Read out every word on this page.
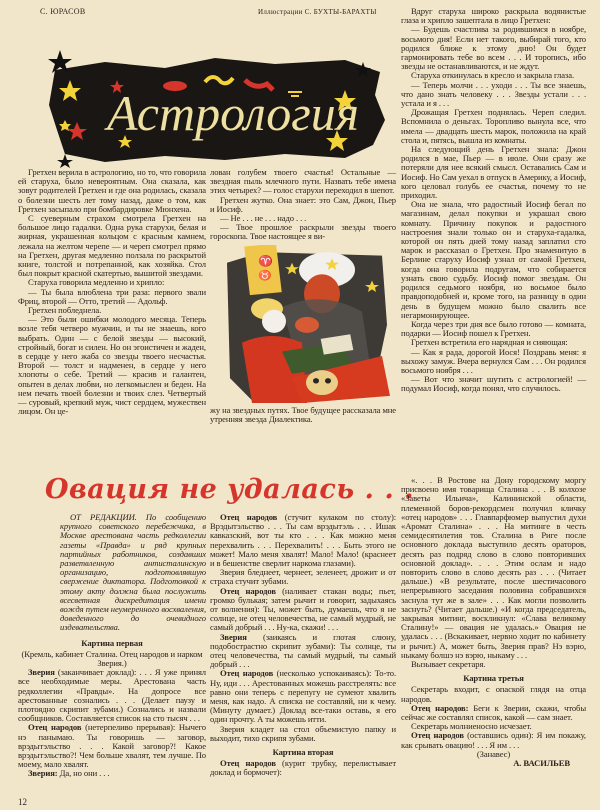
С. ЮРАСОВ	Иллюстрации С. БУХТЫ-БАРАХТЫ
Астрология

Гретхен верила в астрологию, но то, что говорила ей старуха, было невероятным. Она сказала, как зовут родителей Гретхен и где она родилась, сказала о болезни шесть лет тому назад, даже о том, как Гретхен засыпало при бомбардировке Мюнхена.

С суеверным страхом смотрела Гретхен на большое лицо гадалки. Одна рука старухи, белая и жирная, украшенная кольцом с красным камнем, лежала на желтом черепе — и череп смотрел прямо на Гретхен, другая медленно ползала по раскрытой книге, толстой и потрепанной, как хозяйка. Стол был покрыт красной скатертью, вышитой звездами.

Старуха говорила медленно и хрипло:

— Ты была влюблена три раза: первого звали Фриц, второй — Отто, третий — Адольф.

Гретхен побледнела.

— Это были ошибки молодого месяца. Теперь возле тебя четверо мужчин, и ты не знаешь, кого выбрать. Один — с белой звезды — высокий, стройный, богат и силен. Но он эгоистичен и жаден, в сердце у него жаба со звезды твоего несчастья. Второй — толст и надменен, в сердце у него хлопоты о себе. Третий — красив и галантен, опытен в делах любви, но легкомыслен и беден. На нем печать твоей болезни и твоих слез. Четвертый — суровый, крепкий муж, чист сердцем, мужествен лицом. Он це-

лован голубем твоего счастья! Остальные — звездная пыль млечного пути. Назвать тебе имена этих четырех? — голос старухи переходил в шепот.

Гретхен жутко. Она знает: это Сам, Джон, Пьер и Иосиф.

— Не . . . не . . . надо . . .

— Твое прошлое раскрыли звезды твоего гороскопа. Твое настоящее я ви-

♈
♉

жу на звездных путях. Твое будущее рассказала мне утренняя звезда Диалектика.

Вдруг старуха широко раскрыла водянистые глаза и хрипло зашептала в лицо Гретхен:

— Будешь счастлива за родившимся в ноябре, восьмого дня! Если нет такого, выбирай того, кто родился ближе к этому дню! Он будет гармонировать тебе во всем . . . И торопись, ибо звезды не останавливаются, и не ждут.

Старуха откинулась в кресло и закрыла глаза.

— Теперь молчи . . . уходи . . . Ты все знаешь, что дано знать человеку . . . Звезды устали . . . устала и я . . .

Дрожащая Гретхен поднялась. Череп следил. Вспомнила о деньгах. Торопливо вынула все, что имела — двадцать шесть марок, положила на край стола и, пятясь, вышла из комнаты.

На следующий день Гретхен знала: Джон родился в мае, Пьер — в июле. Они сразу же потеряли для нее всякий смысл. Оставались Сам и Иосиф. Но Сам уехал в отпуск в Америку, а Иосиф, кого целовал голубь ее счастья, почему то не приходил.

Она не знала, что радостный Иосиф бегал по магазинам, делал покупки и украшал свою комнату. Причину покупок и радостного настроения знали только он и старуха-гадалка, которой он пять дней тому назад заплатил сто марок и рассказал о Гретхен. Про знаменитую в Берлине старуху Иосиф узнал от самой Гретхен, когда она говорила подругам, что собирается узнать свою судьбу. Иосиф помог звездам. Он родился седьмого ноября, но восьмое было правдоподобней и, кроме того, на разницу в один день в будущем можно было свалить все негармонирующее.

Когда через три дня все было готово — комната, подарки — Иосиф пошел к Гретхен.

Гретхен встретила его нарядная и сияющая:

— Как я рада, дорогой Иося! Поздравь меня: я выхожу замуж. Вчера вернулся Сам . . . Он родился восьмого ноября . . .

— Вот что значит шутить с астрологией! — подумал Иосиф, когда понял, что случилось.

Овация не удалась . . .

ОТ РЕДАКЦИИ. По сообщению крупного советского перебежчика, в Москве арестована часть редколлегии газеты «Правда» и ряд крупных партийных работников, создавших разветвленную антисталинскую организацию, подготовлявшую свержение диктатора. Подготовкой к этому акту должна была послужить всесветная дискредитация имени вождя путем неумеренного восхваления, доведенного до очевидного издевательства.

Картина первая

(Кремль, кабинет Сталина. Отец народов и нарком Зверия.)

Зверия (заканчивает доклад): . . . Я уже принял все необходимые меры. Арестована часть редколлегии «Правды». На допросе все арестованные сознались . . . (Делает паузу и плотоядно скрипит зубами.) Сознались и назвали сообщников. Составляется список на сто тысяч . . .

Отец народов (нетерпеливо прерывая): Нычего нэ панымаю. Ты говоришь — заговор, врэдытэльство . . . Какой заговор?! Какое врэдытэльство?! Чем больше хвалят, тем лучше. По моему, мало хвалят.

Зверия: Да, но они . . .

Отец народов (стучит кулаком по столу): Врэдытэльство . . . Ты сам врэдытэль . . . Ишак кавказский, вот ты кто . . . Как можно меня перехвалить . . . Перехвалить! . . . Быть этого не может! Мало меня хвалят! Мало! Мало! (краснеет и в бешенстве сверлит наркома глазами).

Зверия бледнеет, чернеет, зеленеет, дрожит и от страха стучит зубами.

Отец народов (наливает стакан воды; пьет, громко булькая; затем рычит и говорит, задыхаясь от волнения): Ты, может быть, думаешь, что я не солнце, не отец человечества, не самый мудрый, не самый добрый . . . Ну-ка, скажи! . . .

Зверия (заикаясь и глотая слюну, подобострастно скрипит зубами): Ты солнце, ты отец человечества, ты самый мудрый, ты самый добрый . . .

Отец народов (несколько успокаиваясь): То-то. Ну, иди . . . Арестованных можешь расстрелять: все равно они теперь с перепугу не сумеют хвалить меня, как надо. А списка не составляй, ни к чему. (Минуту думает.) Доклад все-таки оставь, я его один прочту. А ты можешь итти.

Зверия кладет на стол объемистую папку и выходит, тихо скрипя зубами.

Картина вторая

Отец народов (курит трубку, перелистывает доклад и бормочет):

«. . . В Ростове на Дону городскому моргу присвоено имя товарища Сталина . . . В колхозе «Заветы Ильича», Калининской области, племенной боров-рекордсмен получил кличку «отец народов» . . . Главпарфюмер выпустил духи «Аромат Сталина» . . . На митинге в честь семидесятилетия тов. Сталина в Риге после основного доклада выступило десять ораторов, десять раз подряд слово в слово повторивших основной доклад». . . . Этим ослам и надо повторить слово в слово десять раз . . . (Читает дальше.) «В результате, после шестичасового непрерывного заседания половина собравшихся заснула тут же в зале» . . . Как могли позволить заснуть? (Читает дальше.) «И когда председатель, закрывая митинг, воскликнул: «Слава великому Сталину!» — овация не удалась.» Овация не удалась . . . (Вскакивает, нервно ходит по кабинету и рычит.) А, может быть, Зверия прав? Нэ вэрю, ныкаму болшэ нэ вэрю, ныкаму . . .

Вызывает секретаря.

Картина третья

Секретарь входит, с опаской глядя на отца народов.

Отец народов: Беги к Зверии, скажи, чтобы сейчас же составлял список, какой — сам знает.

Секретарь молниеносно исчезает.

Отец народов (оставшись один): Я им покажу, как срывать овацию! . . . Я им . . .

(Занавес)

А. ВАСИЛЬЕВ

12
